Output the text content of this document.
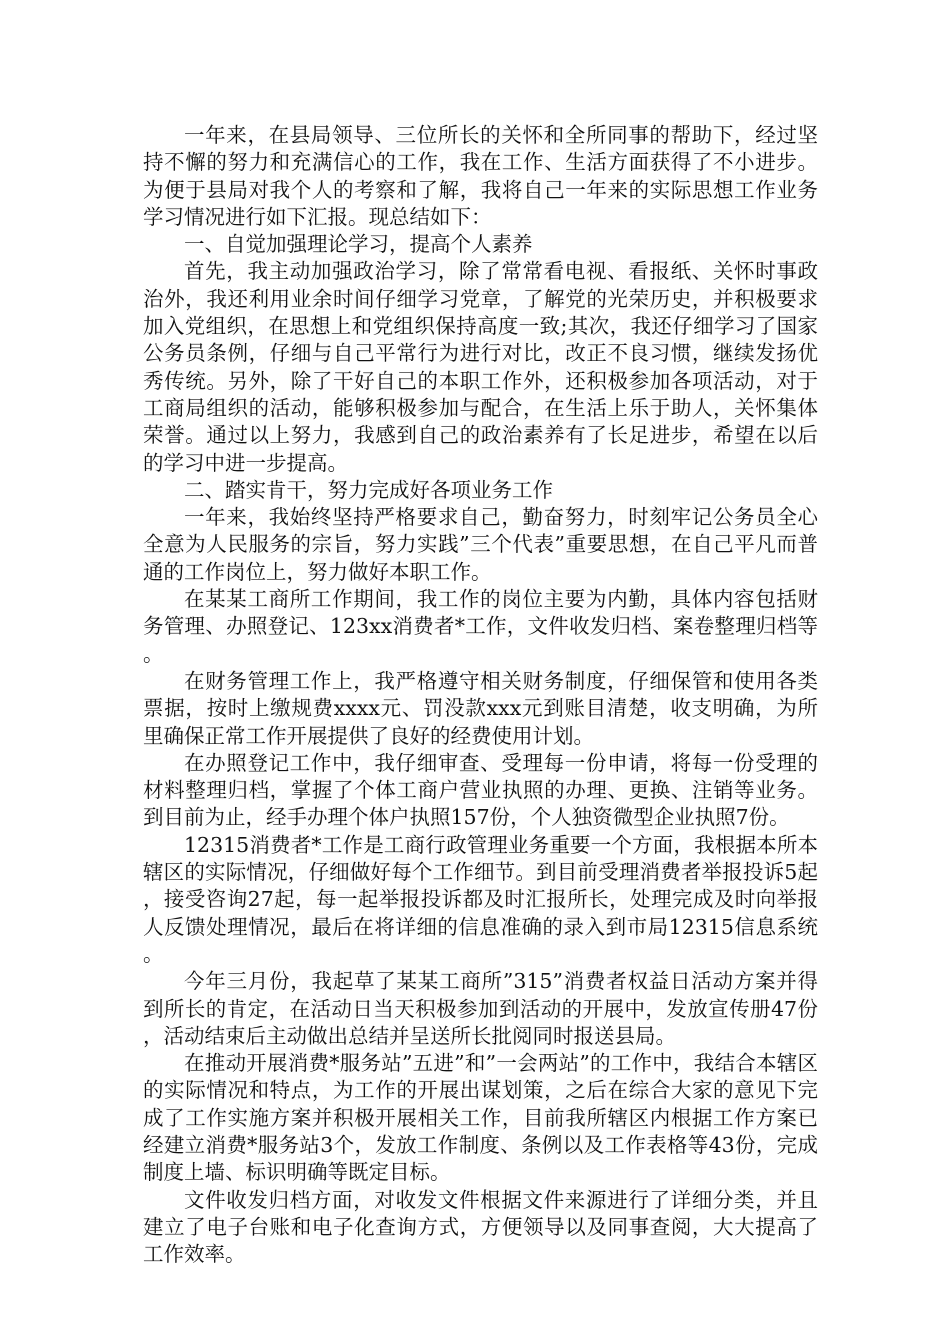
一年来，在县局领导、三位所长的关怀和全所同事的帮助下，经过坚持不懈的努力和充满信心的工作，我在工作、生活方面获得了不小进步。为便于县局对我个人的考察和了解，我将自己一年来的实际思想工作业务学习情况进行如下汇报。现总结如下：

一、自觉加强理论学习，提高个人素养

首先，我主动加强政治学习，除了常常看电视、看报纸、关怀时事政治外，我还利用业余时间仔细学习党章，了解党的光荣历史，并积极要求加入党组织，在思想上和党组织保持高度一致;其次，我还仔细学习了国家公务员条例，仔细与自己平常行为进行对比，改正不良习惯，继续发扬优秀传统。另外，除了干好自己的本职工作外，还积极参加各项活动，对于工商局组织的活动，能够积极参加与配合，在生活上乐于助人，关怀集体荣誉。通过以上努力，我感到自己的政治素养有了长足进步，希望在以后的学习中进一步提高。

二、踏实肯干，努力完成好各项业务工作

一年来，我始终坚持严格要求自己，勤奋努力，时刻牢记公务员全心全意为人民服务的宗旨，努力实践”三个代表”重要思想，在自己平凡而普通的工作岗位上，努力做好本职工作。

在某某工商所工作期间，我工作的岗位主要为内勤，具体内容包括财务管理、办照登记、123xx消费者*工作，文件收发归档、案卷整理归档等。

在财务管理工作上，我严格遵守相关财务制度，仔细保管和使用各类票据，按时上缴规费xxxx元、罚没款xxx元到账目清楚，收支明确，为所里确保正常工作开展提供了良好的经费使用计划。

在办照登记工作中，我仔细审查、受理每一份申请，将每一份受理的材料整理归档，掌握了个体工商户营业执照的办理、更换、注销等业务。到目前为止，经手办理个体户执照157份，个人独资微型企业执照7份。

12315消费者*工作是工商行政管理业务重要一个方面，我根据本所本辖区的实际情况，仔细做好每个工作细节。到目前受理消费者举报投诉5起，接受咨询27起，每一起举报投诉都及时汇报所长，处理完成及时向举报人反馈处理情况，最后在将详细的信息准确的录入到市局12315信息系统。

今年三月份，我起草了某某工商所”315”消费者权益日活动方案并得到所长的肯定，在活动日当天积极参加到活动的开展中，发放宣传册47份，活动结束后主动做出总结并呈送所长批阅同时报送县局。

在推动开展消费*服务站”五进”和”一会两站”的工作中，我结合本辖区的实际情况和特点，为工作的开展出谋划策，之后在综合大家的意见下完成了工作实施方案并积极开展相关工作，目前我所辖区内根据工作方案已经建立消费*服务站3个，发放工作制度、条例以及工作表格等43份，完成制度上墙、标识明确等既定目标。

文件收发归档方面，对收发文件根据文件来源进行了详细分类，并且建立了电子台账和电子化查询方式，方便领导以及同事查阅，大大提高了工作效率。
